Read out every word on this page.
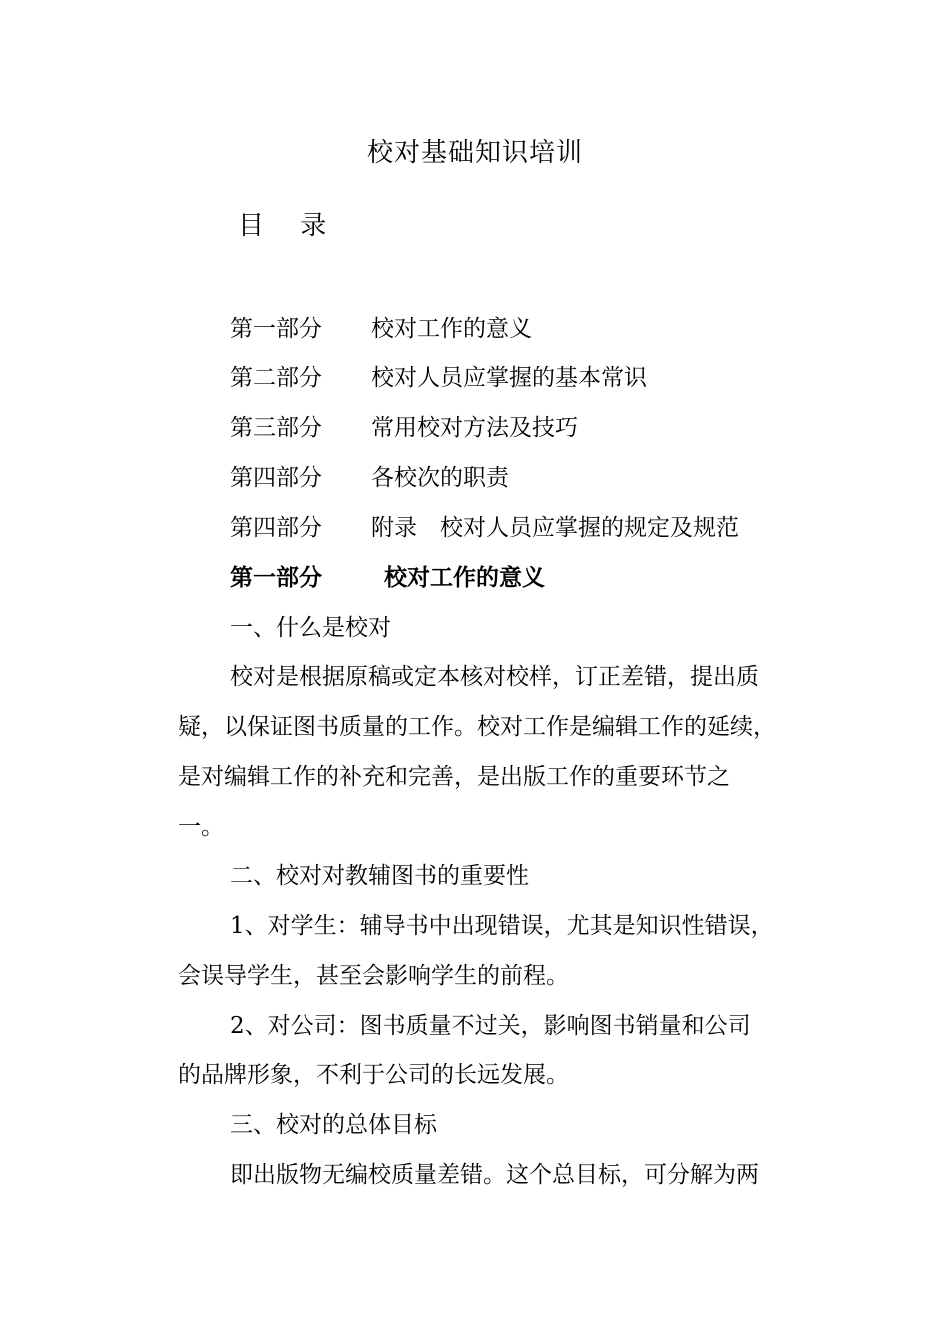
校对基础知识培训
目 录
第一部分 校对工作的意义
第二部分 校对人员应掌握的基本常识
第三部分 常用校对方法及技巧
第四部分 各校次的职责
第四部分 附录　校对人员应掌握的规定及规范
第一部分	校对工作的意义
一、什么是校对
校对是根据原稿或定本核对校样，订正差错，提出质
疑，以保证图书质量的工作。校对工作是编辑工作的延续，
是对编辑工作的补充和完善，是出版工作的重要环节之
一。
二、校对对教辅图书的重要性
1、对学生：辅导书中出现错误，尤其是知识性错误，
会误导学生，甚至会影响学生的前程。
2、对公司：图书质量不过关，影响图书销量和公司
的品牌形象，不利于公司的长远发展。
三、校对的总体目标
即出版物无编校质量差错。这个总目标，可分解为两
